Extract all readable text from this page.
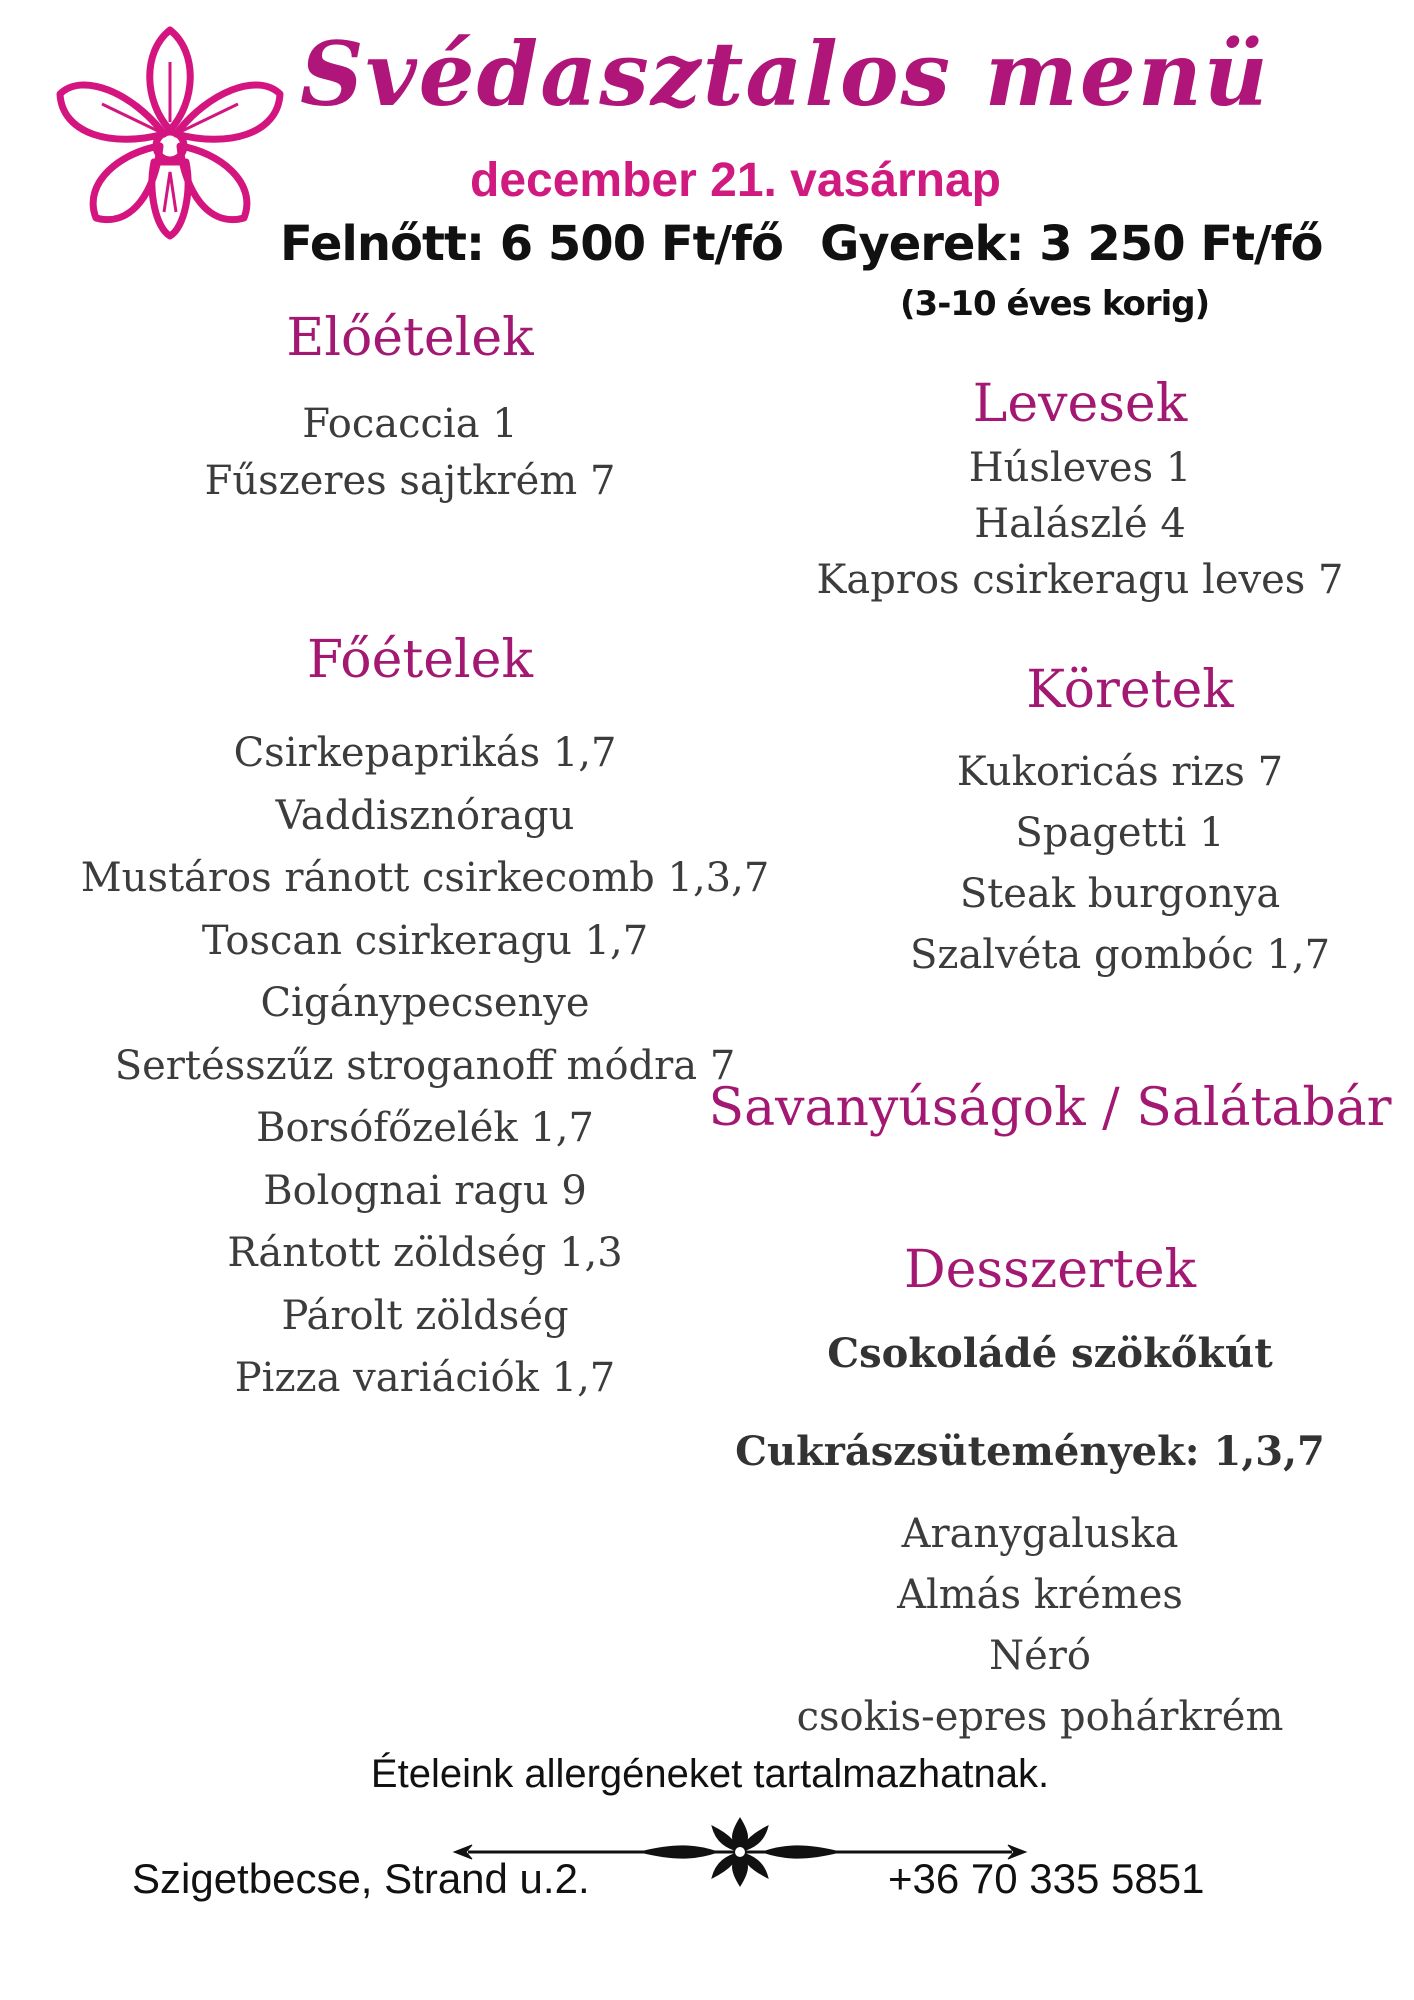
Svédasztalos menü
december 21. vasárnap
Felnőtt: 6 500 Ft/fő Gyerek: 3 250 Ft/fő
(3-10 éves korig)
Előételek
Focaccia 1
Fűszeres sajtkrém 7
Levesek
Húsleves 1
Halászlé 4
Kapros csirkeragu leves 7
Főételek
Csirkepaprikás 1,7
Vaddisznóragu
Mustáros ránott csirkecomb 1,3,7
Toscan csirkeragu 1,7
Cigánypecsenye
Sertésszűz stroganoff módra 7
Borsófőzelék 1,7
Bolognai ragu 9
Rántott zöldség 1,3
Párolt zöldség
Pizza variációk 1,7
Köretek
Kukoricás rizs 7
Spagetti 1
Steak burgonya
Szalvéta gombóc 1,7
Savanyúságok / Salátabár
Desszertek
Csokoládé szökőkút
Cukrászsütemények: 1,3,7
Aranygaluska
Almás krémes
Néró
csokis-epres pohárkrém
Ételeink allergéneket tartalmazhatnak.
Szigetbecse, Strand u.2.	+36 70 335 5851
